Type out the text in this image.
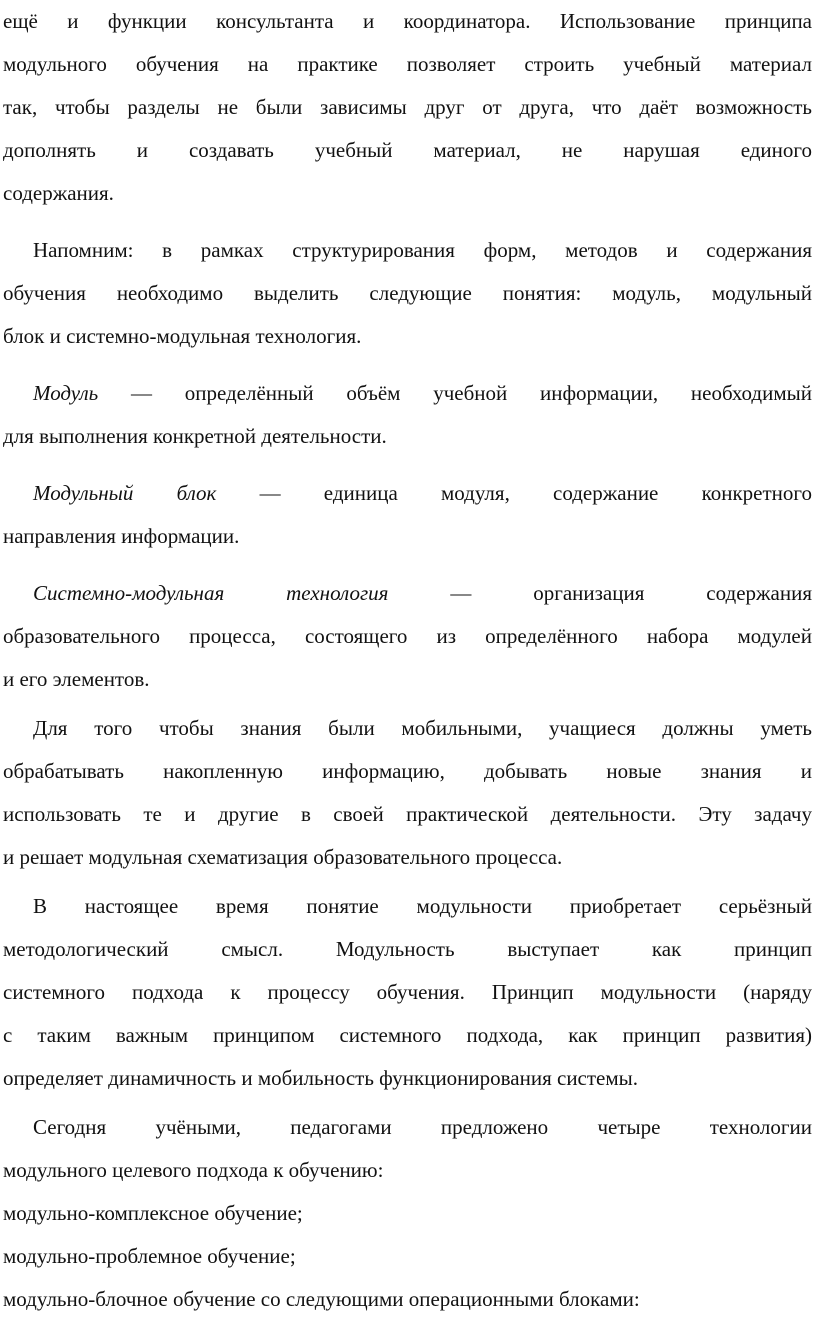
ещё и функции консультанта и координатора. Использование принципа
модульного обучения на практике позволяет строить учебный материал
так, чтобы разделы не были зависимы друг от друга, что даёт возможность
дополнять и создавать учебный материал, не нарушая единого
содержания.
Напомним: в рамках структурирования форм, методов и содержания
обучения необходимо выделить следующие понятия: модуль, модульный
блок и системно-модульная технология.
Модуль — определённый объём учебной информации, необходимый
для выполнения конкретной деятельности.
Модульный блок — единица модуля, содержание конкретного
направления информации.
Системно-модульная технология — организация содержания
образовательного процесса, состоящего из определённого набора модулей
и его элементов.
Для того чтобы знания были мобильными, учащиеся должны уметь
обрабатывать накопленную информацию, добывать новые знания и
использовать те и другие в своей практической деятельности. Эту задачу
и решает модульная схематизация образовательного процесса.
В настоящее время понятие модульности приобретает серьёзный
методологический смысл. Модульность выступает как принцип
системного подхода к процессу обучения. Принцип модульности (наряду
с таким важным принципом системного подхода, как принцип развития)
определяет динамичность и мобильность функционирования системы.
Сегодня учёными, педагогами предложено четыре технологии
модульного целевого подхода к обучению:
модульно-комплексное обучение;
модульно-проблемное обучение;
модульно-блочное обучение со следующими операционными блоками:
